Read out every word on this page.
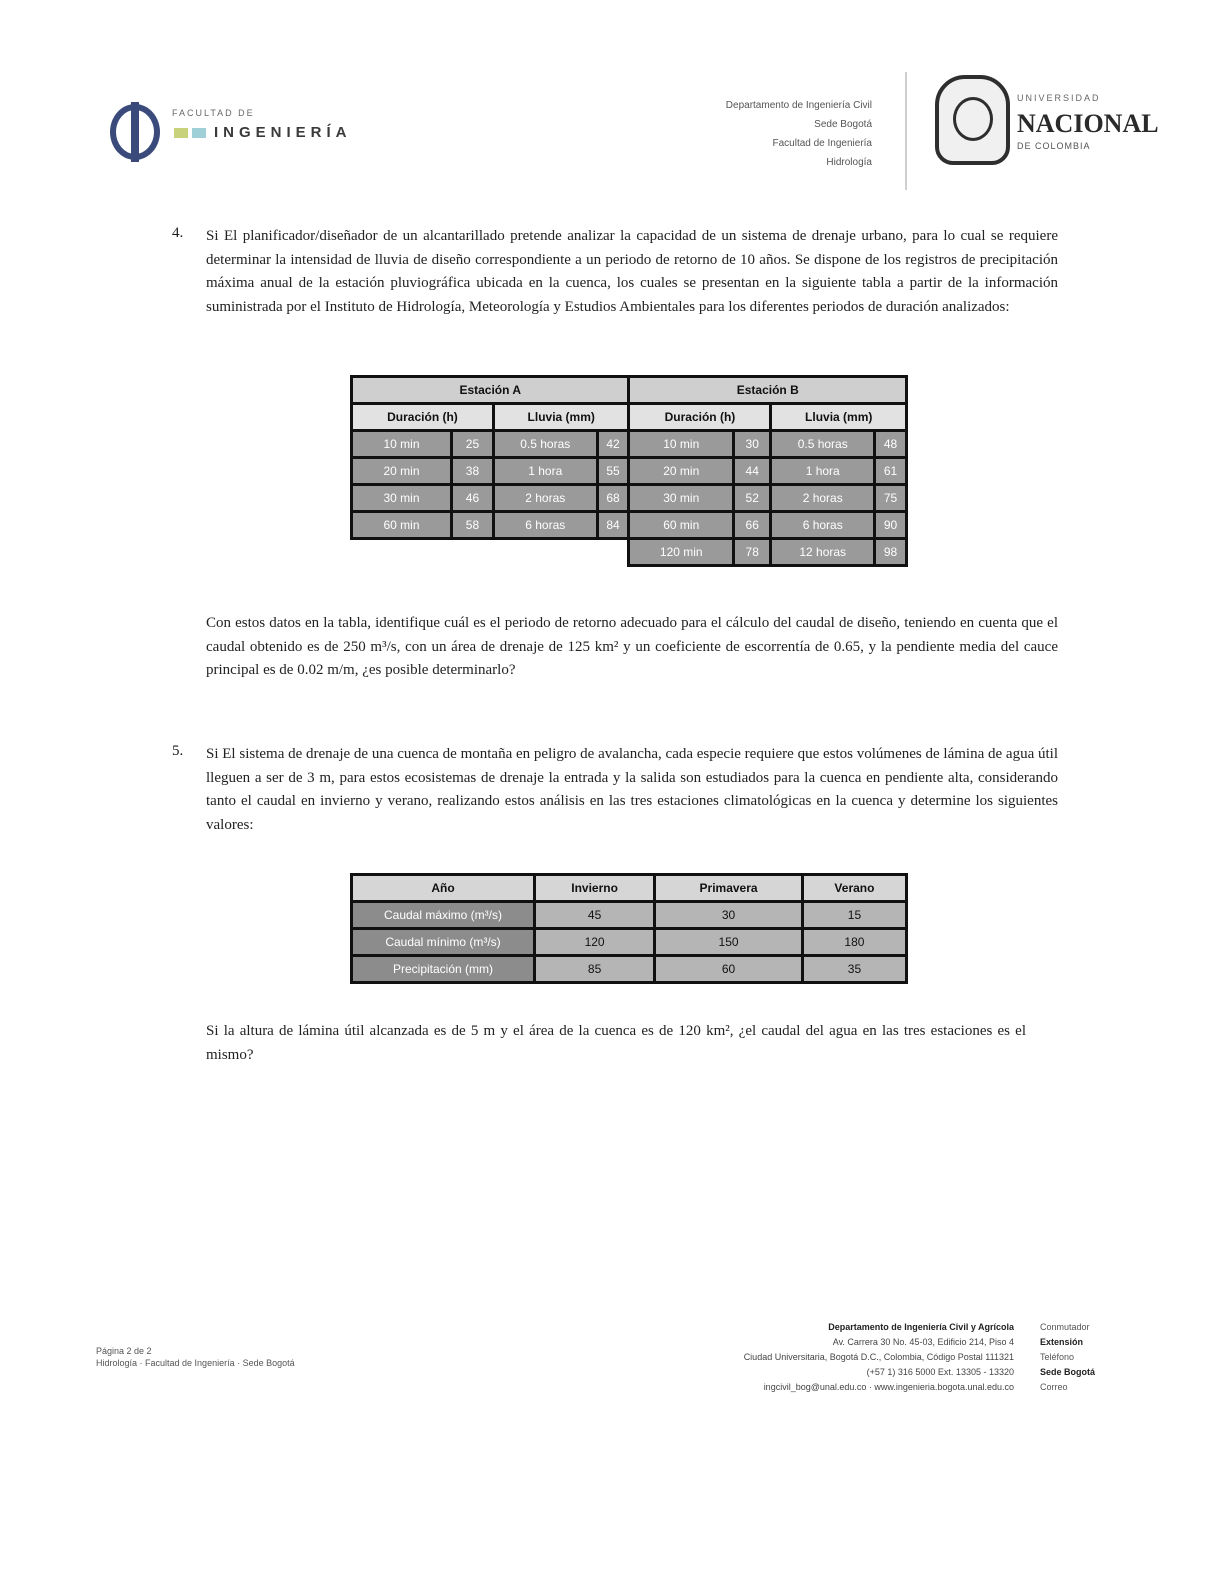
FACULTAD DE
INGENIERÍA
Departamento de Ingeniería Civil
Sede Bogotá
Facultad de Ingeniería
Hidrología
UNIVERSIDAD
NACIONAL
DE COLOMBIA
4. Si El planificador/diseñador de un alcantarillado pretende analizar la capacidad de un sistema de drenaje urbano, para lo cual se requiere determinar la intensidad de lluvia de diseño correspondiente a un periodo de retorno de 10 años. Se dispone de los registros de precipitación máxima anual de la estación pluviográfica ubicada en la cuenca, los cuales se presentan en la siguiente tabla a partir de la información suministrada por el Instituto de Hidrología, Meteorología y Estudios Ambientales para los diferentes periodos de duración analizados:
Estación A				Estación B			
Duración (h)		Lluvia (mm)		Duración (h)		Lluvia (mm)	
10 min	25	0.5 horas	42	10 min	30	0.5 horas	48
20 min	38	1 hora	55	20 min	44	1 hora	61
30 min	46	2 horas	68	30 min	52	2 horas	75
60 min	58	6 horas	84	60 min	66	6 horas	90
				120 min	78	12 horas	98
Con estos datos en la tabla, identifique cuál es el periodo de retorno adecuado para el cálculo del caudal de diseño, teniendo en cuenta que el caudal obtenido es de 250 m³/s, con un área de drenaje de 125 km² y un coeficiente de escorrentía de 0.65, y la pendiente media del cauce principal es de 0.02 m/m, ¿es posible determinarlo?
5. Si El sistema de drenaje de una cuenca de montaña en peligro de avalancha, cada especie requiere que estos volúmenes de lámina de agua útil lleguen a ser de 3 m, para estos ecosistemas de drenaje la entrada y la salida son estudiados para la cuenca en pendiente alta, considerando tanto el caudal en invierno y verano, realizando estos análisis en las tres estaciones climatológicas en la cuenca y determine los siguientes valores:
Año	Invierno	Primavera	Verano
Caudal máximo (m³/s)	45	30	15
Caudal mínimo (m³/s)	120	150	180
Precipitación (mm)	85	60	35
Si la altura de lámina útil alcanzada es de 5 m y el área de la cuenca es de 120 km², ¿el caudal del agua en las tres estaciones es el mismo?
Página 2 de 2
Hidrología · Facultad de Ingeniería · Sede Bogotá
Departamento de Ingeniería Civil y Agrícola
Av. Carrera 30 No. 45-03, Edificio 214, Piso 4
Ciudad Universitaria, Bogotá D.C., Colombia, Código Postal 111321
(+57 1) 316 5000 Ext. 13305 - 13320
ingcivil_bog@unal.edu.co · www.ingenieria.bogota.unal.edu.co
Conmutador
Extensión
Teléfono
Sede Bogotá
Correo
